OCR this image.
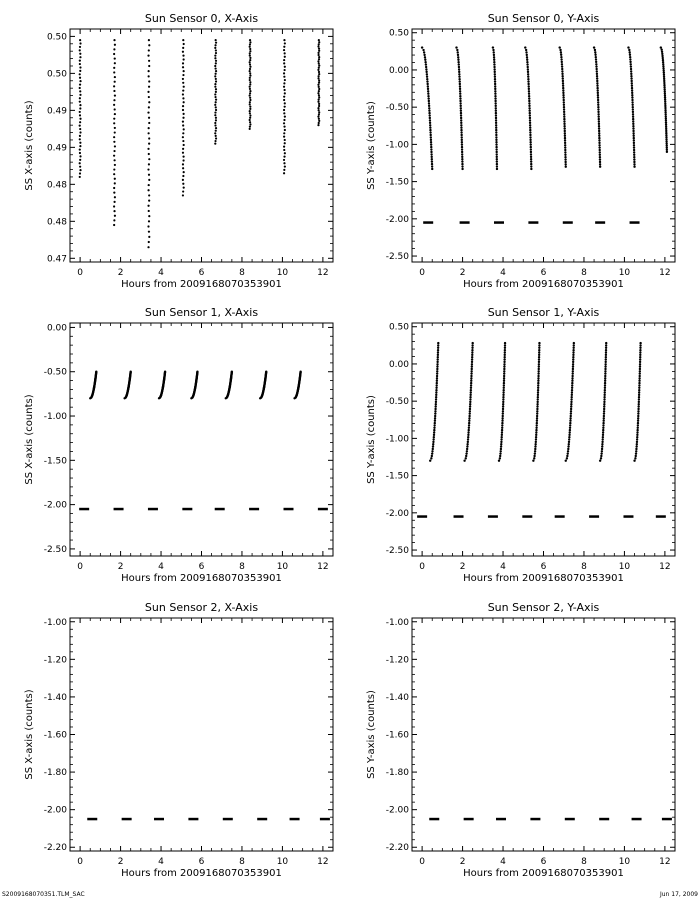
Sun Sensor 0, X-Axis
0	2	4	6	8	10	12
0.47
0.48
0.48
0.49
0.49
0.50
0.50
Hours from 2009168070353901
SS X-axis (counts)
Sun Sensor 0, Y-Axis
0	2	4	6	8	10	12
0.50
0.00
-0.50
-1.00
-1.50
-2.00
-2.50
Hours from 2009168070353901
SS Y-axis (counts)
Sun Sensor 1, X-Axis
0	2	4	6	8	10	12
0.00
-0.50
-1.00
-1.50
-2.00
-2.50
Hours from 2009168070353901
SS X-axis (counts)
Sun Sensor 1, Y-Axis
0	2	4	6	8	10	12
0.50
0.00
-0.50
-1.00
-1.50
-2.00
-2.50
Hours from 2009168070353901
SS Y-axis (counts)
Sun Sensor 2, X-Axis
0	2	4	6	8	10	12
-1.00
-1.20
-1.40
-1.60
-1.80
-2.00
-2.20
Hours from 2009168070353901
SS X-axis (counts)
Sun Sensor 2, Y-Axis
0	2	4	6	8	10	12
-1.00
-1.20
-1.40
-1.60
-1.80
-2.00
-2.20
Hours from 2009168070353901
SS Y-axis (counts)
S2009168070351.TLM_SAC	Jun 17, 2009
